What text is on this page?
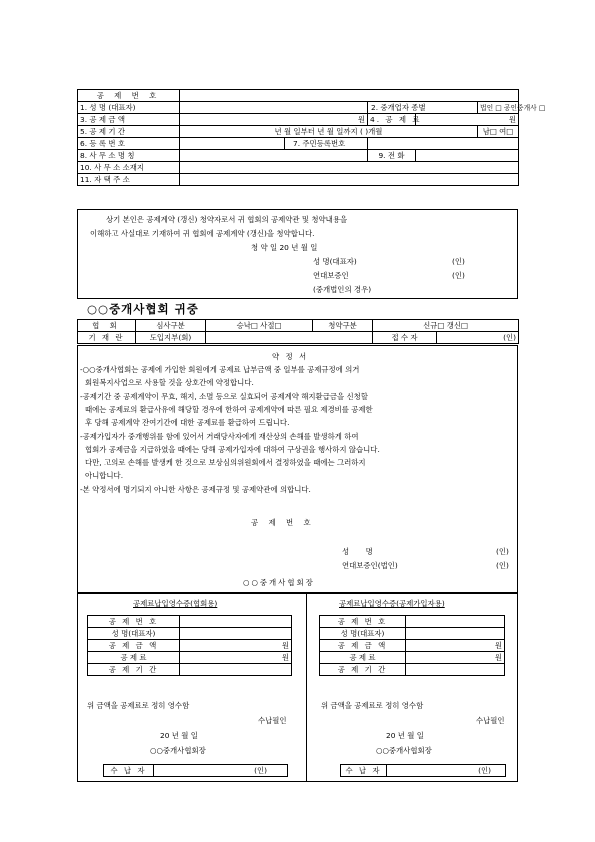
공 제 번 호					
1. 성 명 (대표자)			2. 중개업자 종별		법인 □ 공인중개사 □
3. 공 제 금 액	원		4. 공 제 료	원	
5. 공 제 기 간	년 월 일부터 년 월 일까지 ( )개월				남□ 여□
6. 등 록 번 호		7. 주민등록번호			
8. 사 무 소 명 칭			9. 전 화		
10. 사 무 소 소재지					
11. 자 택 주 소					
상기 본인은 공제계약 (갱신) 청약자로서 귀 협회의 공제약관 및 청약내용을
이해하고 사실대로 기재하여 귀 협회에 공제계약 (갱신)을 청약합니다.
청 약 일 20 년 월 일
성 명(대표자)	(인)
연대보증인	(인)
(중개법인의 경우)
○○중개사협회 귀중
협 회	심사구분	승낙□ 사절□	청약구분	신규□ 갱신□	
기 재 란	도입지부(회)			접 수 자	(인)
약 정 서
-○○중개사협회는 공제에 가입한 회원에게 공제료 납부금액 중 일부를 공제규정에 의거
회원복지사업으로 사용할 것을 상호간에 약정합니다.
-공제기간 중 공제계약이 무효, 해지, 소멸 등으로 실효되어 공제계약 해지환급금을 신청할
때에는 공제료의 환급사유에 해당할 경우에 한하여 공제계약에 따른 필요 제경비를 공제한
후 당해 공제계약 잔여기간에 대한 공제료를 환급하여 드립니다.
-공제가입자가 중개행위를 함에 있어서 거래당사자에게 재산상의 손해를 발생하게 하여
협회가 공제금을 지급하였을 때에는 당해 공제가입자에 대하여 구상권을 행사하지 않습니다.
다만, 고의로 손해를 발생케 한 것으로 보상심의위원회에서 결정하였을 때에는 그러하지
아니합니다.
-본 약정서에 명기되지 아니한 사항은 공제규정 및 공제약관에 의합니다.
공 제 번 호
성       명	(인)
연대보증인(법인)	(인)
○○중개사협회장
공제료납입영수증(협회용)
공 제 번 호	
성 명(대표자)	
공 제 금 액	원
공 제 료	원
공 제 기 간	
위 금액을 공제료로 정히 영수함
수납필인
20 년 월 일
○○중개사협회장
수 납 자	(인)
공제료납입영수증(공제가입자용)
공 제 번 호	
성 명(대표자)	
공 제 금 액	원
공 제 료	원
공 제 기 간	
위 금액을 공제료로 정히 영수함
수납필인
20 년 월 일
○○중개사협회장
수 납 자	(인)
